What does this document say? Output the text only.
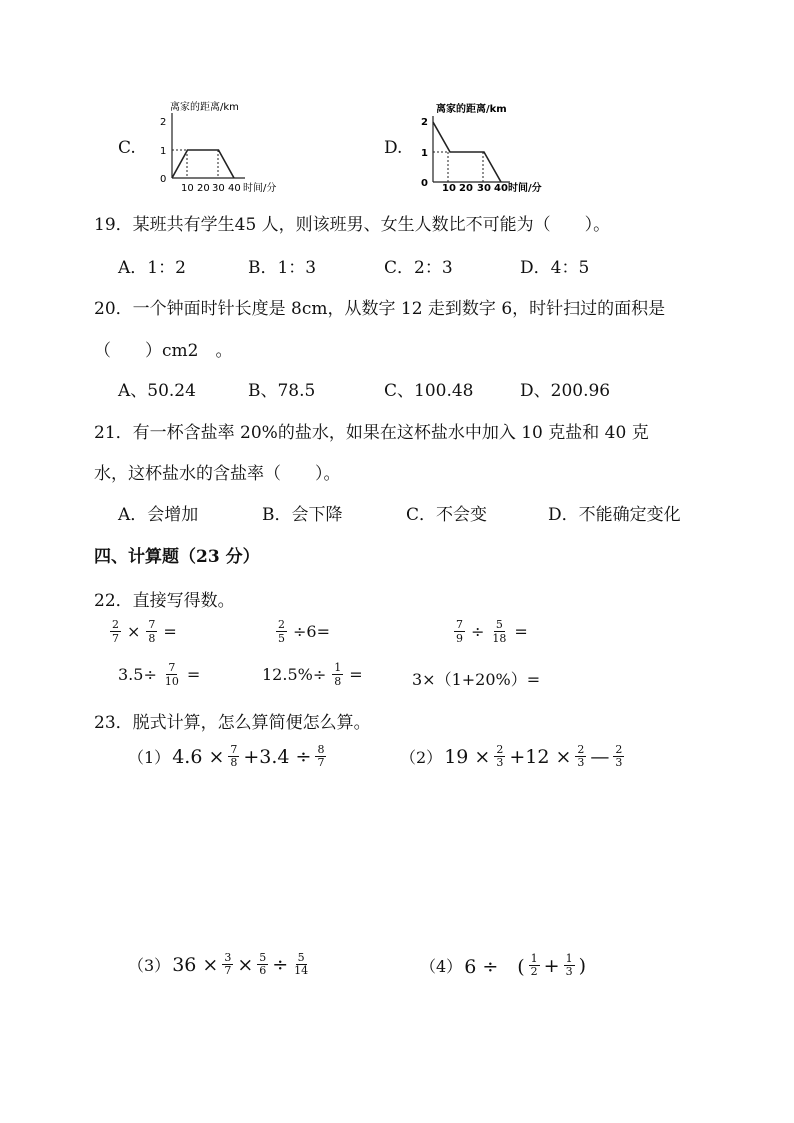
C.
离家的距离/km
2
1
0
10 20 30 40 时间/分
D.
离家的距离/km
2
1
0 10 20 30 40 时间/分
19．某班共有学生45 人，则该班男、女生人数比不可能为（　　）。
A．1：2	B．1：3	C．2：3	D．4：5
20．一个钟面时针长度是 8cm，从数字 12 走到数字 6，时针扫过的面积是
（　　）cm2　。
A、50.24	B、78.5	C、100.48	D、200.96
21．有一杯含盐率 20%的盐水，如果在这杯盐水中加入 10 克盐和 40 克
水，这杯盐水的含盐率（　　）。
A．会增加	B．会下降	C．不会变	D．不能确定变化
四、计算题（23 分）
22．直接写得数。
$\frac{2}{7} \times \frac{7}{8}$ =	$\frac{2}{5} \div 6=$	$\frac{7}{9} \div \frac{5}{18}$ =
$3.5\div \frac{7}{10}$ =	$12.5\%\div \frac{1}{8}$ =	3×（1+20%）=
23．脱式计算，怎么算简便怎么算。
（1） $4.6 \times \frac{7}{8} +3.4 \div \frac{8}{7}$	（2） $19 \times \frac{2}{3} +12 \times \frac{2}{3}$ — $\frac{2}{3}$
（3） $36 \times \frac{3}{7} \times \frac{5}{6} \div \frac{5}{14}$	（4） 6 ÷　( $\frac{1}{2} + \frac{1}{3}$ )
